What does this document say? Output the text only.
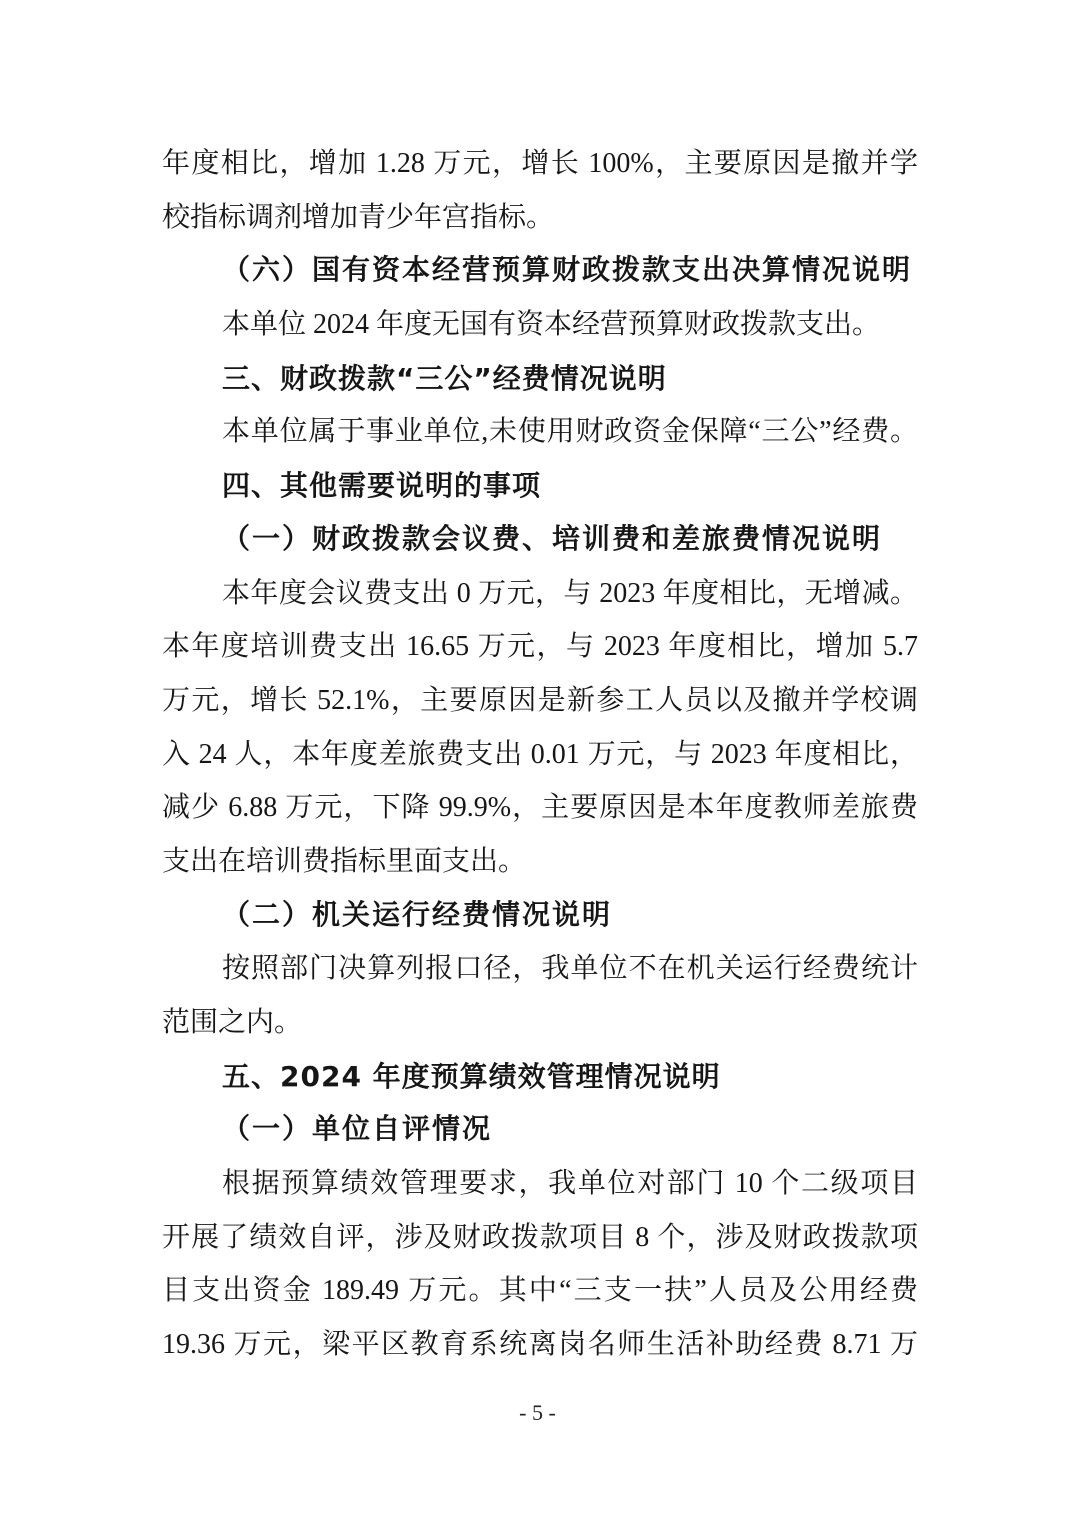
年度相比，增加 1.28 万元，增长 100%，主要原因是撤并学
校指标调剂增加青少年宫指标。
（六）国有资本经营预算财政拨款支出决算情况说明
本单位 2024 年度无国有资本经营预算财政拨款支出。
三、财政拨款“三公”经费情况说明
本单位属于事业单位,未使用财政资金保障“三公”经费。
四、其他需要说明的事项
（一）财政拨款会议费、培训费和差旅费情况说明
本年度会议费支出 0 万元，与 2023 年度相比，无增减。
本年度培训费支出 16.65 万元，与 2023 年度相比，增加 5.7
万元，增长 52.1%，主要原因是新参工人员以及撤并学校调
入 24 人，本年度差旅费支出 0.01 万元，与 2023 年度相比，
减少 6.88 万元，下降 99.9%，主要原因是本年度教师差旅费
支出在培训费指标里面支出。
（二）机关运行经费情况说明
按照部门决算列报口径，我单位不在机关运行经费统计
范围之内。
五、2024 年度预算绩效管理情况说明
（一）单位自评情况
根据预算绩效管理要求，我单位对部门 10 个二级项目
开展了绩效自评，涉及财政拨款项目 8 个，涉及财政拨款项
目支出资金 189.49 万元。其中“三支一扶”人员及公用经费
19.36 万元，梁平区教育系统离岗名师生活补助经费 8.71 万
- 5 -
